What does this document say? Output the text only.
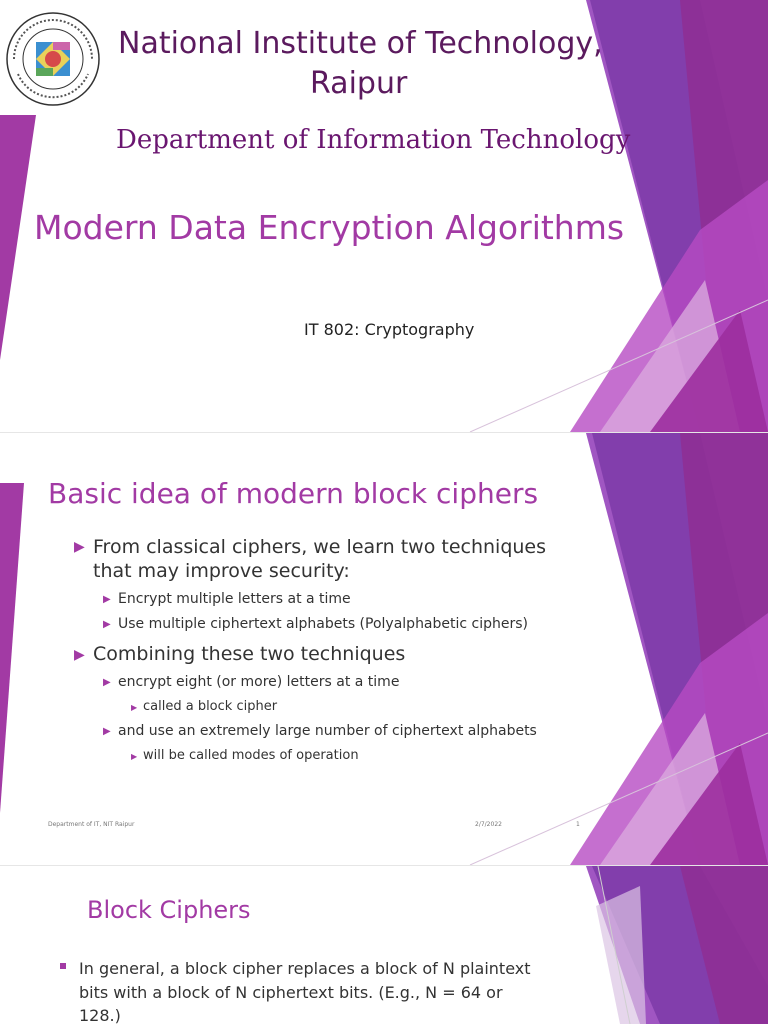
National Institute of Technology,
Raipur
Department of Information Technology
Modern Data Encryption Algorithms
IT 802: Cryptography
Basic idea of modern block ciphers
▶ From classical ciphers, we learn two techniques
that may improve security:
▶ Encrypt multiple letters at a time
▶ Use multiple ciphertext alphabets (Polyalphabetic ciphers)
▶ Combining these two techniques
▶ encrypt eight (or more) letters at a time
▶ called a block cipher
▶ and use an extremely large number of ciphertext alphabets
▶ will be called modes of operation
Department of IT, NIT Raipur	2/7/2022	1
Block Ciphers
In general, a block cipher replaces a block of N plaintext
bits with a block of N ciphertext bits. (E.g., N = 64 or
128.)
